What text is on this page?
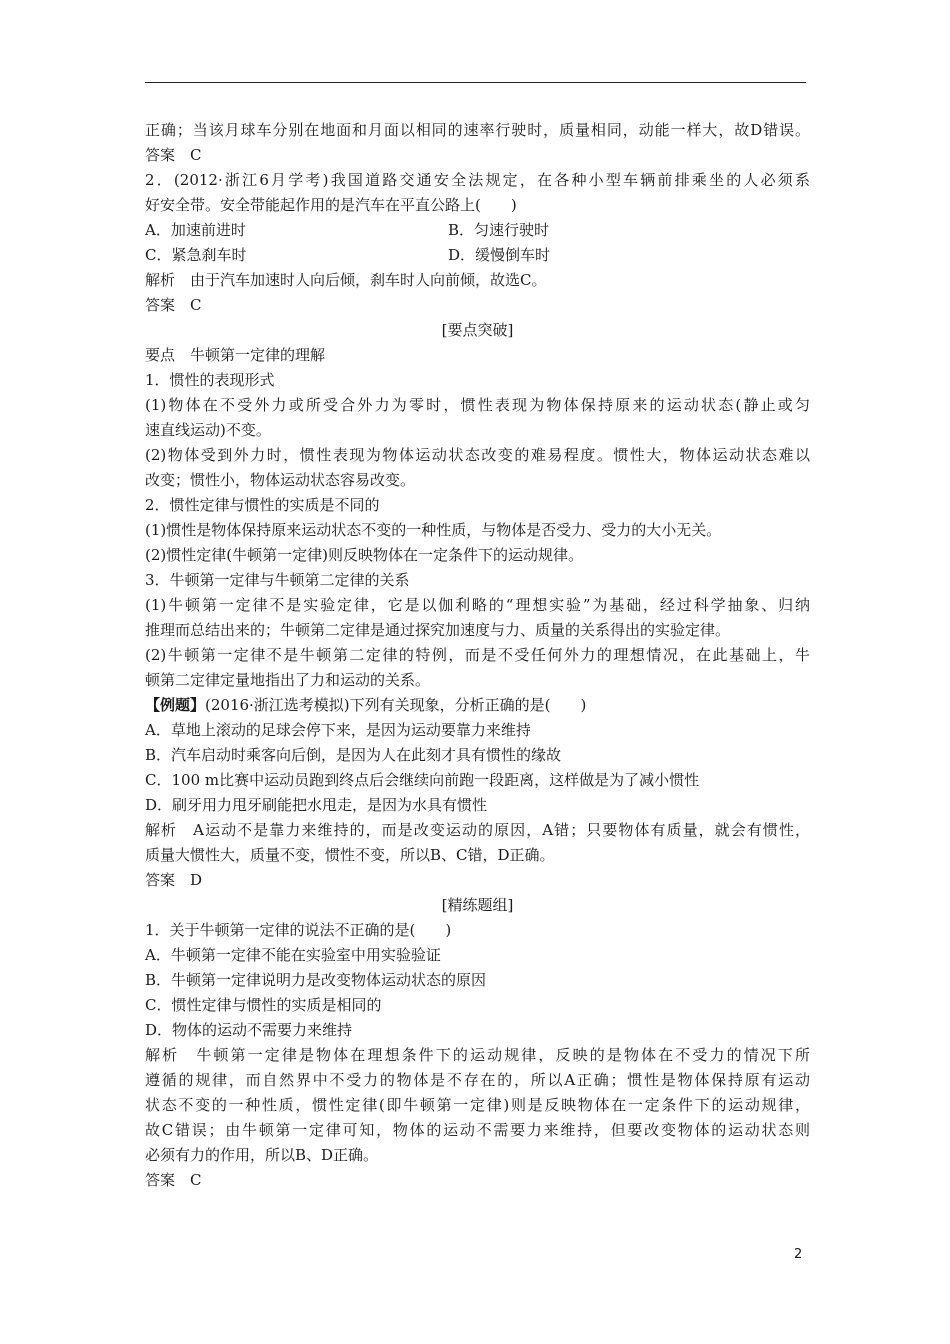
正确；当该月球车分别在地面和月面以相同的速率行驶时，质量相同，动能一样大，故D错误。
答案　C
2．(2012·浙江6月学考)我国道路交通安全法规定，在各种小型车辆前排乘坐的人必须系
好安全带。安全带能起作用的是汽车在平直公路上(　　)
A．加速前进时	B．匀速行驶时
C．紧急刹车时	D．缓慢倒车时
解析　由于汽车加速时人向后倾，刹车时人向前倾，故选C。
答案　C
[要点突破]
要点　牛顿第一定律的理解
1．惯性的表现形式
(1)物体在不受外力或所受合外力为零时，惯性表现为物体保持原来的运动状态(静止或匀
速直线运动)不变。
(2)物体受到外力时，惯性表现为物体运动状态改变的难易程度。惯性大，物体运动状态难以
改变；惯性小，物体运动状态容易改变。
2．惯性定律与惯性的实质是不同的
(1)惯性是物体保持原来运动状态不变的一种性质，与物体是否受力、受力的大小无关。
(2)惯性定律(牛顿第一定律)则反映物体在一定条件下的运动规律。
3．牛顿第一定律与牛顿第二定律的关系
(1)牛顿第一定律不是实验定律，它是以伽利略的“理想实验”为基础，经过科学抽象、归纳
推理而总结出来的；牛顿第二定律是通过探究加速度与力、质量的关系得出的实验定律。
(2)牛顿第一定律不是牛顿第二定律的特例，而是不受任何外力的理想情况，在此基础上，牛
顿第二定律定量地指出了力和运动的关系。
【例题】(2016·浙江选考模拟)下列有关现象，分析正确的是(　　)
A．草地上滚动的足球会停下来，是因为运动要靠力来维持
B．汽车启动时乘客向后倒，是因为人在此刻才具有惯性的缘故
C．100 m比赛中运动员跑到终点后会继续向前跑一段距离，这样做是为了减小惯性
D．刷牙用力甩牙刷能把水甩走，是因为水具有惯性
解析　A运动不是靠力来维持的，而是改变运动的原因，A错；只要物体有质量，就会有惯性，
质量大惯性大，质量不变，惯性不变，所以B、C错，D正确。
答案　D
[精练题组]
1．关于牛顿第一定律的说法不正确的是(　　)
A．牛顿第一定律不能在实验室中用实验验证
B．牛顿第一定律说明力是改变物体运动状态的原因
C．惯性定律与惯性的实质是相同的
D．物体的运动不需要力来维持
解析　牛顿第一定律是物体在理想条件下的运动规律，反映的是物体在不受力的情况下所
遵循的规律，而自然界中不受力的物体是不存在的，所以A正确；惯性是物体保持原有运动
状态不变的一种性质，惯性定律(即牛顿第一定律)则是反映物体在一定条件下的运动规律，
故C错误；由牛顿第一定律可知，物体的运动不需要力来维持，但要改变物体的运动状态则
必须有力的作用，所以B、D正确。
答案　C
2
